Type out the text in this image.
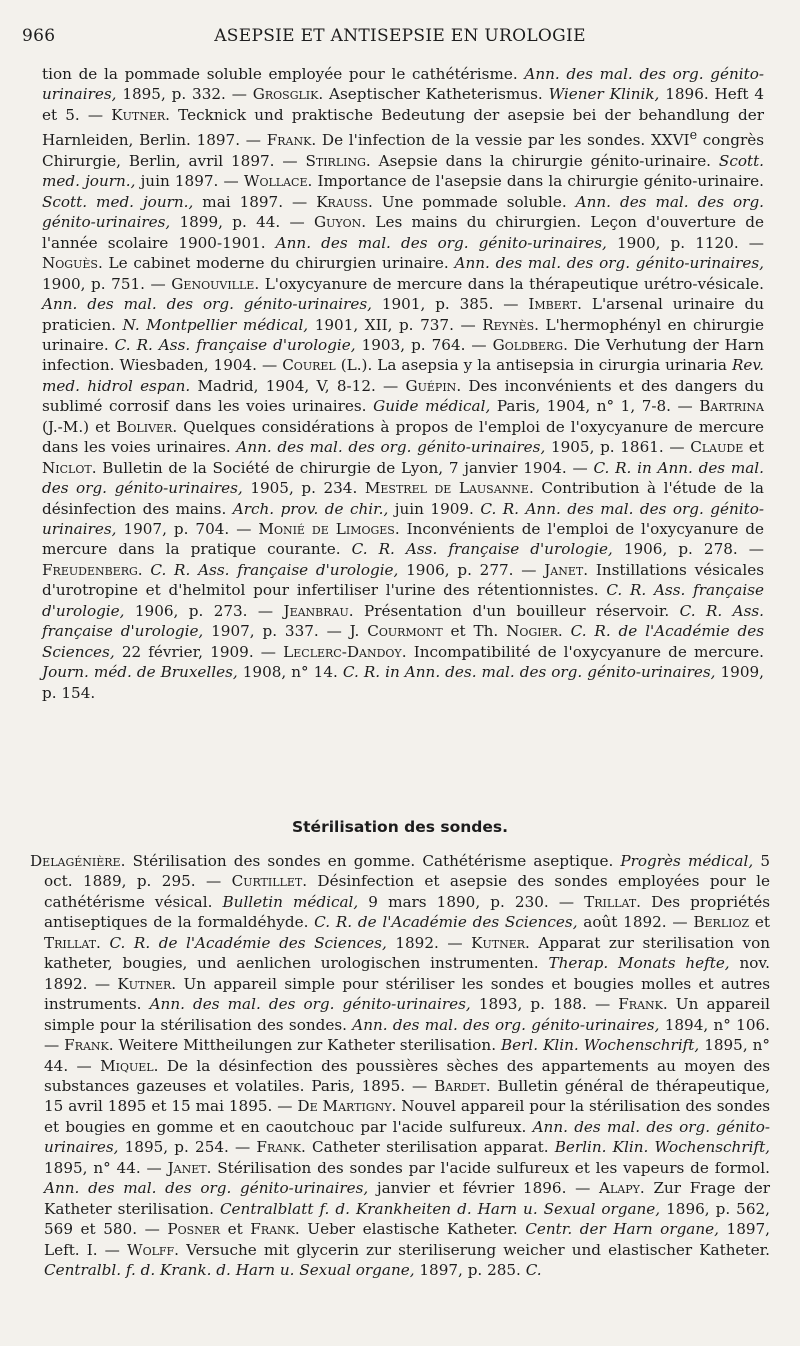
966	ASEPSIE ET ANTISEPSIE EN UROLOGIE

tion de la pommade soluble employée pour le cathétérisme. Ann. des mal. des org. génito-urinaires, 1895, p. 332. — Grosglik. Aseptischer Katheterismus. Wiener Klinik, 1896. Heft 4 et 5. — Kutner. Tecknick und praktische Bedeutung der asepsie bei der behandlung der Harnleiden, Berlin. 1897. — Frank. De l'infection de la vessie par les sondes. XXVIe congrès Chirurgie, Berlin, avril 1897. — Stirling. Asepsie dans la chirurgie génito-urinaire. Scott. med. journ., juin 1897. — Wollace. Importance de l'asepsie dans la chirurgie génito-urinaire. Scott. med. journ., mai 1897. — Krauss. Une pommade soluble. Ann. des mal. des org. génito-urinaires, 1899, p. 44. — Guyon. Les mains du chirurgien. Leçon d'ouverture de l'année scolaire 1900-1901. Ann. des mal. des org. génito-urinaires, 1900, p. 1120. — Noguès. Le cabinet moderne du chirurgien urinaire. Ann. des mal. des org. génito-urinaires, 1900, p. 751. — Genouville. L'oxycyanure de mercure dans la thérapeutique urétro-vésicale. Ann. des mal. des org. génito-urinaires, 1901, p. 385. — Imbert. L'arsenal urinaire du praticien. N. Montpellier médical, 1901, XII, p. 737. — Reynès. L'hermophényl en chirurgie urinaire. C. R. Ass. française d'urologie, 1903, p. 764. — Goldberg. Die Verhutung der Harn infection. Wiesbaden, 1904. — Courel (L.). La asepsia y la antisepsia in cirurgia urinaria Rev. med. hidrol espan. Madrid, 1904, V, 8-12. — Guépin. Des inconvénients et des dangers du sublimé corrosif dans les voies urinaires. Guide médical, Paris, 1904, n° 1, 7-8. — Bartrina (J.-M.) et Boliver. Quelques considérations à propos de l'emploi de l'oxycyanure de mercure dans les voies urinaires. Ann. des mal. des org. génito-urinaires, 1905, p. 1861. — Claude et Niclot. Bulletin de la Société de chirurgie de Lyon, 7 janvier 1904. — C. R. in Ann. des mal. des org. génito-urinaires, 1905, p. 234. Mestrel de Lausanne. Contribution à l'étude de la désinfection des mains. Arch. prov. de chir., juin 1909. C. R. Ann. des mal. des org. génito-urinaires, 1907, p. 704. — Monié de Limoges. Inconvénients de l'emploi de l'oxycyanure de mercure dans la pratique courante. C. R. Ass. française d'urologie, 1906, p. 278. — Freudenberg. C. R. Ass. française d'urologie, 1906, p. 277. — Janet. Instillations vésicales d'urotropine et d'helmitol pour infertiliser l'urine des rétentionnistes. C. R. Ass. française d'urologie, 1906, p. 273. — Jeanbrau. Présentation d'un bouilleur réservoir. C. R. Ass. française d'urologie, 1907, p. 337. — J. Courmont et Th. Nogier. C. R. de l'Académie des Sciences, 22 février, 1909. — Leclerc-Dandoy. Incompatibilité de l'oxycyanure de mercure. Journ. méd. de Bruxelles, 1908, n° 14. C. R. in Ann. des. mal. des org. génito-urinaires, 1909, p. 154.

Stérilisation des sondes.

Delagénière. Stérilisation des sondes en gomme. Cathétérisme aseptique. Progrès médical, 5 oct. 1889, p. 295. — Curtillet. Désinfection et asepsie des sondes employées pour le cathétérisme vésical. Bulletin médical, 9 mars 1890, p. 230. — Trillat. Des propriétés antiseptiques de la formaldéhyde. C. R. de l'Académie des Sciences, août 1892. — Berlioz et Trillat. C. R. de l'Académie des Sciences, 1892. — Kutner. Apparat zur sterilisation von katheter, bougies, und aenlichen urologischen instrumenten. Therap. Monats hefte, nov. 1892. — Kutner. Un appareil simple pour stériliser les sondes et bougies molles et autres instruments. Ann. des mal. des org. génito-urinaires, 1893, p. 188. — Frank. Un appareil simple pour la stérilisation des sondes. Ann. des mal. des org. génito-urinaires, 1894, n° 106. — Frank. Weitere Mittheilungen zur Katheter sterilisation. Berl. Klin. Wochenschrift, 1895, n° 44. — Miquel. De la désinfection des poussières sèches des appartements au moyen des substances gazeuses et volatiles. Paris, 1895. — Bardet. Bulletin général de thérapeutique, 15 avril 1895 et 15 mai 1895. — De Martigny. Nouvel appareil pour la stérilisation des sondes et bougies en gomme et en caoutchouc par l'acide sulfureux. Ann. des mal. des org. génito-urinaires, 1895, p. 254. — Frank. Catheter sterilisation apparat. Berlin. Klin. Wochenschrift, 1895, n° 44. — Janet. Stérilisation des sondes par l'acide sulfureux et les vapeurs de formol. Ann. des mal. des org. génito-urinaires, janvier et février 1896. — Alapy. Zur Frage der Katheter sterilisation. Centralblatt f. d. Krankheiten d. Harn u. Sexual organe, 1896, p. 562, 569 et 580. — Posner et Frank. Ueber elastische Katheter. Centr. der Harn organe, 1897, Left. I. — Wolff. Versuche mit glycerin zur steriliserung weicher und elastischer Katheter. Centralbl. f. d. Krank. d. Harn u. Sexual organe, 1897, p. 285. C.
